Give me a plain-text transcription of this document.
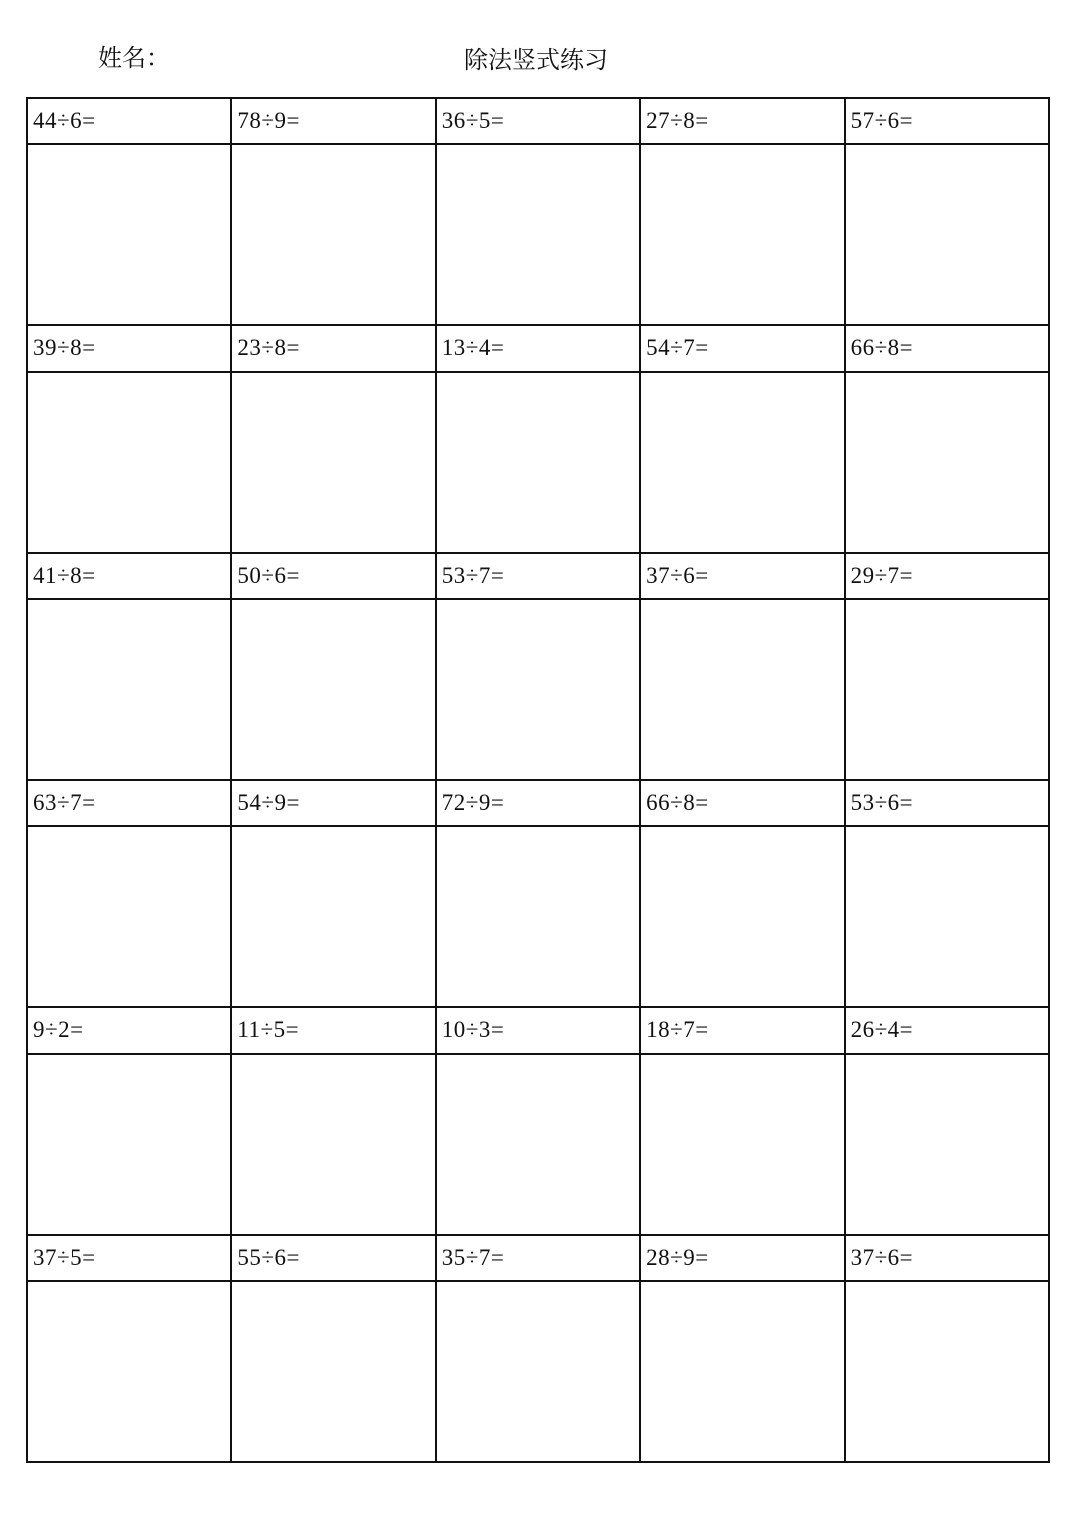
姓名：	除法竖式练习
44÷6=	78÷9=	36÷5=	27÷8=	57÷6=

39÷8=	23÷8=	13÷4=	54÷7=	66÷8=

41÷8=	50÷6=	53÷7=	37÷6=	29÷7=

63÷7=	54÷9=	72÷9=	66÷8=	53÷6=

9÷2=	11÷5=	10÷3=	18÷7=	26÷4=

37÷5=	55÷6=	35÷7=	28÷9=	37÷6=
